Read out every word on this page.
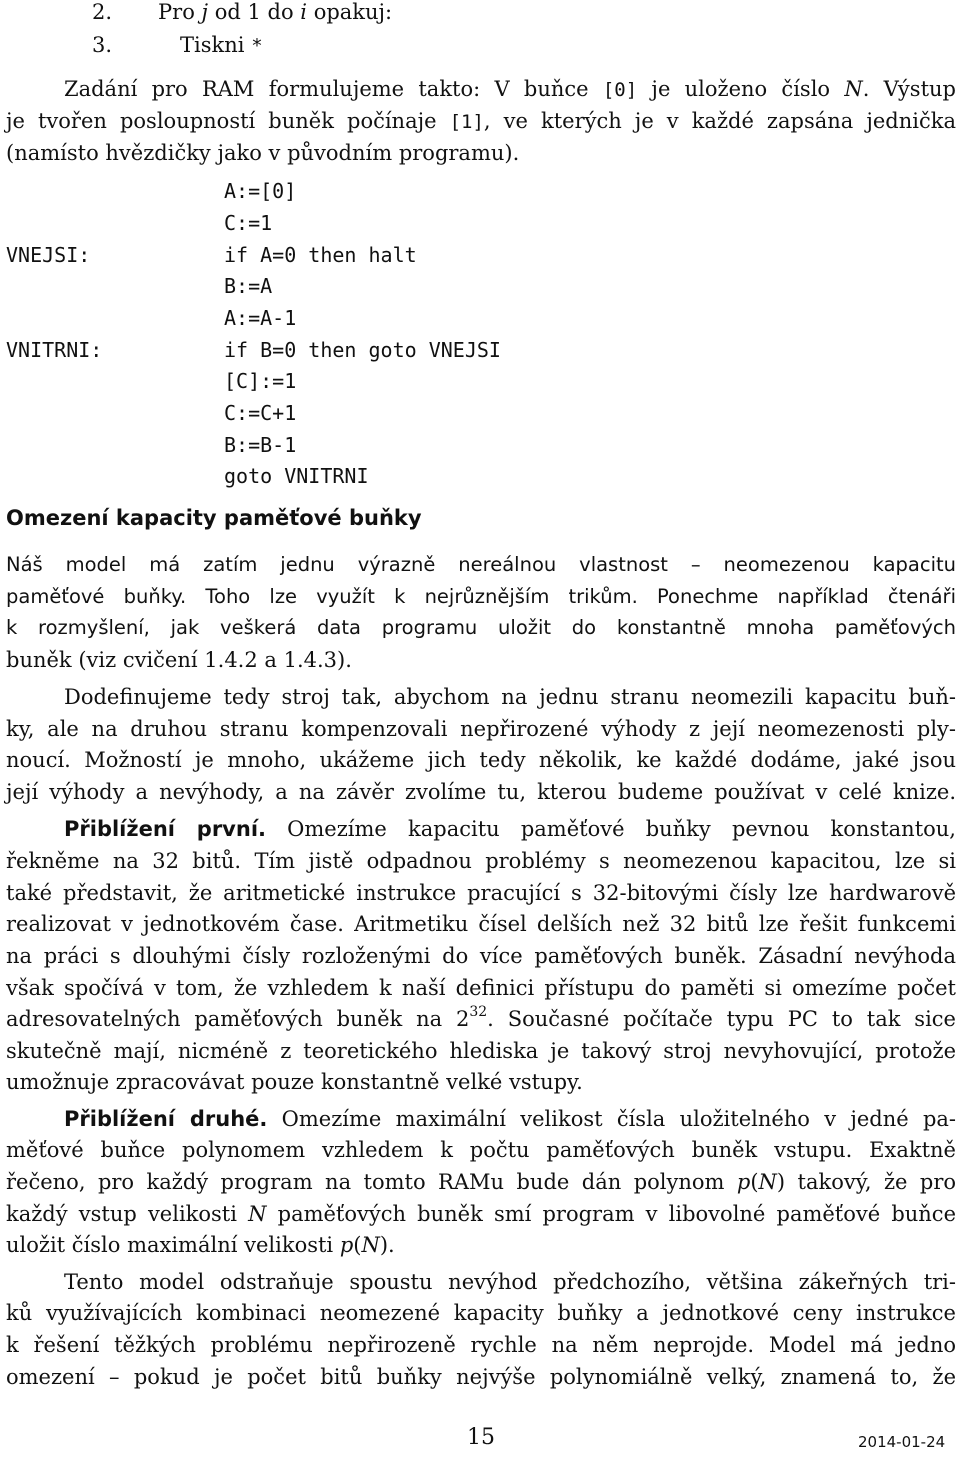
2. Pro j od 1 do i opakuj:
3.	Tiskni *
Zadání pro RAM formulujeme takto: V buňce [0] je uloženo číslo N. Výstup
je tvořen posloupností buněk počínaje [1], ve kterých je v každé zapsána jednička
(namísto hvězdičky jako v původním programu).
A:=[0]
C:=1
VNEJSI:	if A=0 then halt
B:=A
A:=A-1
VNITRNI:	if B=0 then goto VNEJSI
[C]:=1
C:=C+1
B:=B-1
goto VNITRNI
Omezení kapacity paměťové buňky
Náš model má zatím jednu výrazně nereálnou vlastnost – neomezenou kapacitu
paměťové buňky. Toho lze využít k nejrůznějším trikům. Ponechme například čtenáři
k rozmyšlení, jak veškerá data programu uložit do konstantně mnoha paměťových
buněk (viz cvičení 1.4.2 a 1.4.3).
Dodefinujeme tedy stroj tak, abychom na jednu stranu neomezili kapacitu buň-
ky, ale na druhou stranu kompenzovali nepřirozené výhody z její neomezenosti ply-
noucí. Možností je mnoho, ukážeme jich tedy několik, ke každé dodáme, jaké jsou
její výhody a nevýhody, a na závěr zvolíme tu, kterou budeme používat v celé knize.
Přiblížení první. Omezíme kapacitu paměťové buňky pevnou konstantou,
řekněme na 32 bitů. Tím jistě odpadnou problémy s neomezenou kapacitou, lze si
také představit, že aritmetické instrukce pracující s 32-bitovými čísly lze hardwarově
realizovat v jednotkovém čase. Aritmetiku čísel delších než 32 bitů lze řešit funkcemi
na práci s dlouhými čísly rozloženými do více paměťových buněk. Zásadní nevýhoda
však spočívá v tom, že vzhledem k naší definici přístupu do paměti si omezíme počet
adresovatelných paměťových buněk na $2^{32}$. Současné počítače typu PC to tak sice
skutečně mají, nicméně z teoretického hlediska je takový stroj nevyhovující, protože
umožnuje zpracovávat pouze konstantně velké vstupy.
Přiblížení druhé. Omezíme maximální velikost čísla uložitelného v jedné pa-
měťové buňce polynomem vzhledem k počtu paměťových buněk vstupu. Exaktně
řečeno, pro každý program na tomto RAMu bude dán polynom p(N) takový, že pro
každý vstup velikosti N paměťových buněk smí program v libovolné paměťové buňce
uložit číslo maximální velikosti p(N).
Tento model odstraňuje spoustu nevýhod předchozího, většina zákeřných tri-
ků využívajících kombinaci neomezené kapacity buňky a jednotkové ceny instrukce
k řešení těžkých problému nepřirozeně rychle na něm neprojde. Model má jedno
omezení – pokud je počet bitů buňky nejvýše polynomiálně velký, znamená to, že
15	2014-01-24
